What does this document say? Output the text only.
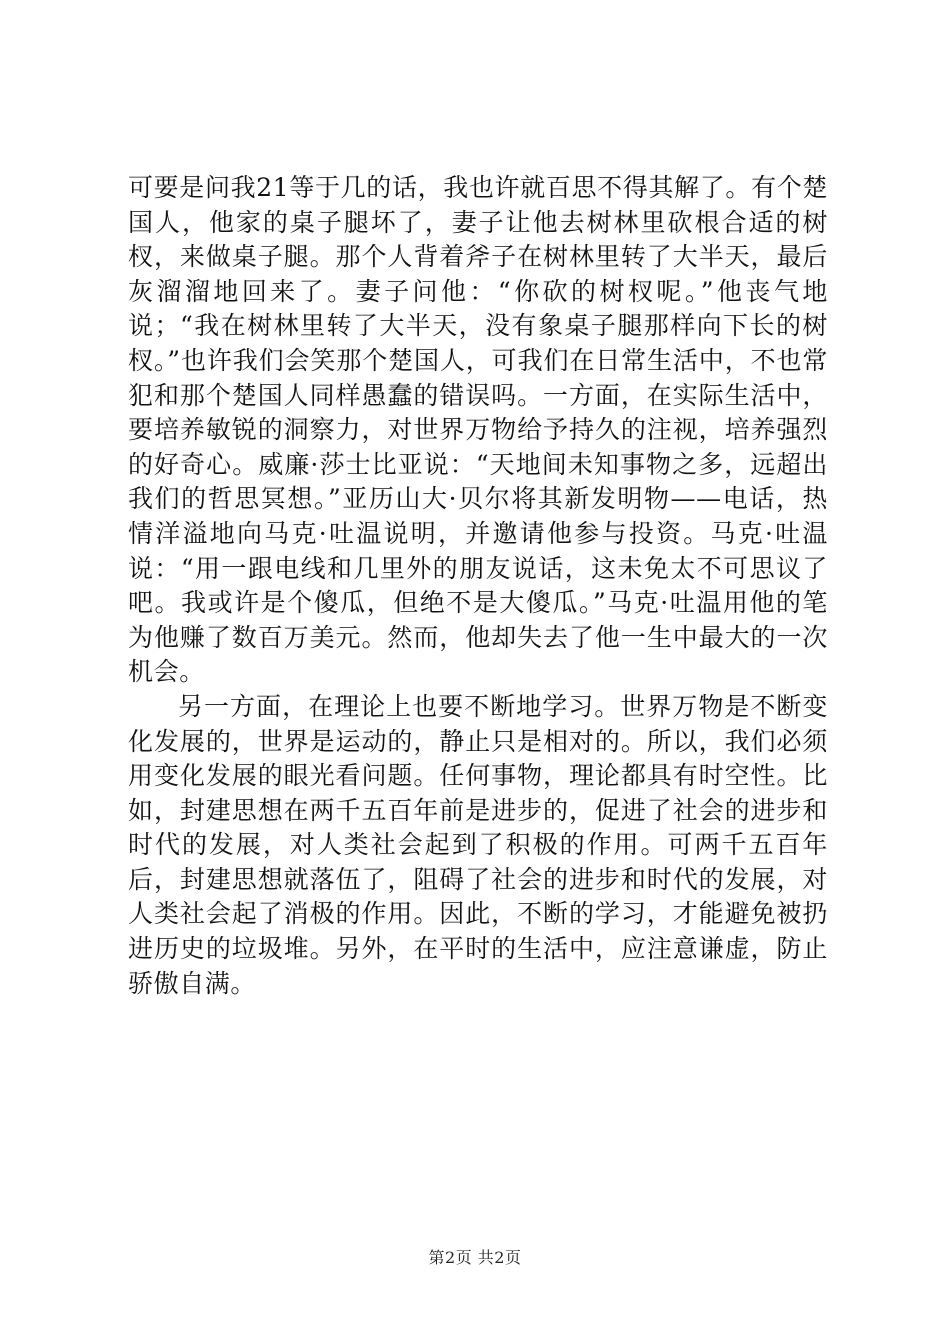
可要是问我21等于几的话，我也许就百思不得其解了。有个楚国人，他家的桌子腿坏了，妻子让他去树林里砍根合适的树杈，来做桌子腿。那个人背着斧子在树林里转了大半天，最后灰溜溜地回来了。妻子问他：“你砍的树杈呢。”他丧气地说；“我在树林里转了大半天，没有象桌子腿那样向下长的树杈。”也许我们会笑那个楚国人，可我们在日常生活中，不也常犯和那个楚国人同样愚蠢的错误吗。一方面，在实际生活中，要培养敏锐的洞察力，对世界万物给予持久的注视，培养强烈的好奇心。威廉·莎士比亚说：“天地间未知事物之多，远超出我们的哲思冥想。”亚历山大·贝尔将其新发明物——电话，热情洋溢地向马克·吐温说明，并邀请他参与投资。马克·吐温说：“用一跟电线和几里外的朋友说话，这未免太不可思议了吧。我或许是个傻瓜，但绝不是大傻瓜。”马克·吐温用他的笔为他赚了数百万美元。然而，他却失去了他一生中最大的一次机会。

另一方面，在理论上也要不断地学习。世界万物是不断变化发展的，世界是运动的，静止只是相对的。所以，我们必须用变化发展的眼光看问题。任何事物，理论都具有时空性。比如，封建思想在两千五百年前是进步的，促进了社会的进步和时代的发展，对人类社会起到了积极的作用。可两千五百年后，封建思想就落伍了，阻碍了社会的进步和时代的发展，对人类社会起了消极的作用。因此，不断的学习，才能避免被扔进历史的垃圾堆。另外，在平时的生活中，应注意谦虚，防止骄傲自满。

第2页 共2页
